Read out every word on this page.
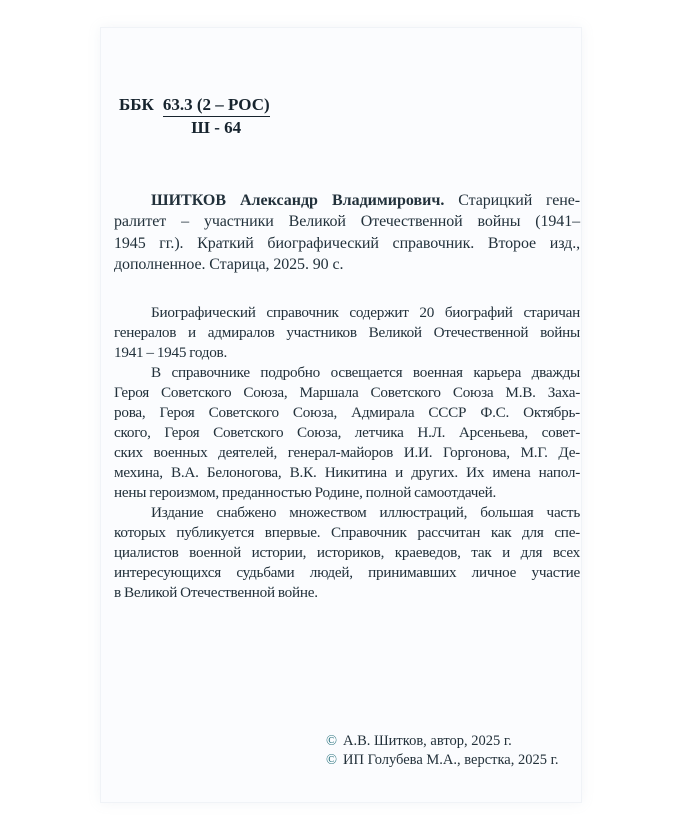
ББК 63.3 (2 – РОС)
Ш - 64
ШИТКОВ Александр Владимирович. Старицкий гене-
ралитет – участники Великой Отечественной войны (1941–
1945 гг.). Краткий биографический справочник. Второе изд.,
дополненное. Старица, 2025. 90 с.
Биографический справочник содержит 20 биографий старичан
генералов и адмиралов участников Великой Отечественной войны
1941 – 1945 годов.
В справочнике подробно освещается военная карьера дважды
Героя Советского Союза, Маршала Советского Союза М.В. Заха-
рова, Героя Советского Союза, Адмирала СССР Ф.С. Октябрь-
ского, Героя Советского Союза, летчика Н.Л. Арсеньева, совет-
ских военных деятелей, генерал-майоров И.И. Горгонова, М.Г. Де-
мехина, В.А. Белоногова, В.К. Никитина и других. Их имена напол-
нены героизмом, преданностью Родине, полной самоотдачей.
Издание снабжено множеством иллюстраций, большая часть
которых публикуется впервые. Справочник рассчитан как для спе-
циалистов военной истории, историков, краеведов, так и для всех
интересующихся судьбами людей, принимавших личное участие
в Великой Отечественной войне.
© А.В. Шитков, автор, 2025 г.
© ИП Голубева М.А., верстка, 2025 г.
